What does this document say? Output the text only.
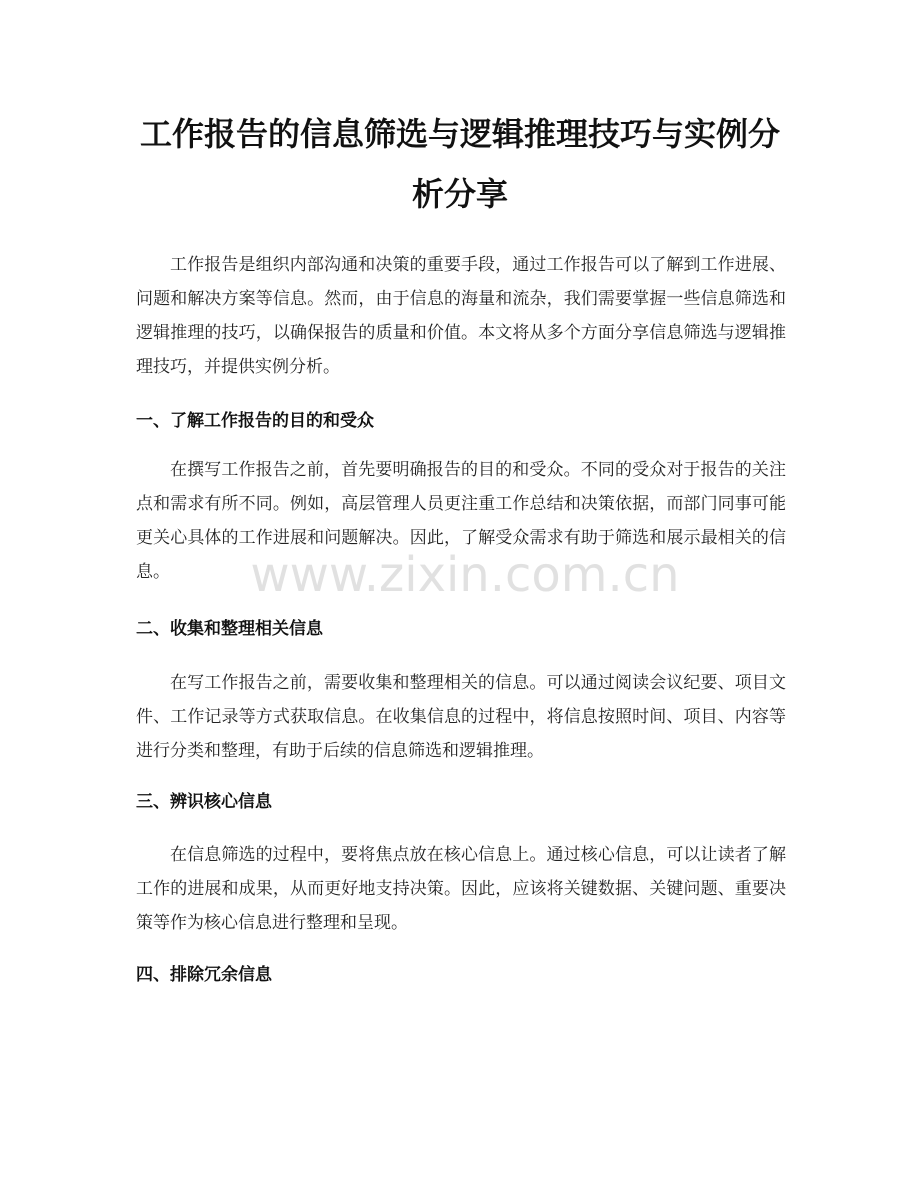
工作报告的信息筛选与逻辑推理技巧与实例分析分享

工作报告是组织内部沟通和决策的重要手段，通过工作报告可以了解到工作进展、问题和解决方案等信息。然而，由于信息的海量和流杂，我们需要掌握一些信息筛选和逻辑推理的技巧，以确保报告的质量和价值。本文将从多个方面分享信息筛选与逻辑推理技巧，并提供实例分析。

一、了解工作报告的目的和受众

在撰写工作报告之前，首先要明确报告的目的和受众。不同的受众对于报告的关注点和需求有所不同。例如，高层管理人员更注重工作总结和决策依据，而部门同事可能更关心具体的工作进展和问题解决。因此，了解受众需求有助于筛选和展示最相关的信息。

二、收集和整理相关信息

在写工作报告之前，需要收集和整理相关的信息。可以通过阅读会议纪要、项目文件、工作记录等方式获取信息。在收集信息的过程中，将信息按照时间、项目、内容等进行分类和整理，有助于后续的信息筛选和逻辑推理。

三、辨识核心信息

在信息筛选的过程中，要将焦点放在核心信息上。通过核心信息，可以让读者了解工作的进展和成果，从而更好地支持决策。因此，应该将关键数据、关键问题、重要决策等作为核心信息进行整理和呈现。

四、排除冗余信息
www.zixin.com.cn
